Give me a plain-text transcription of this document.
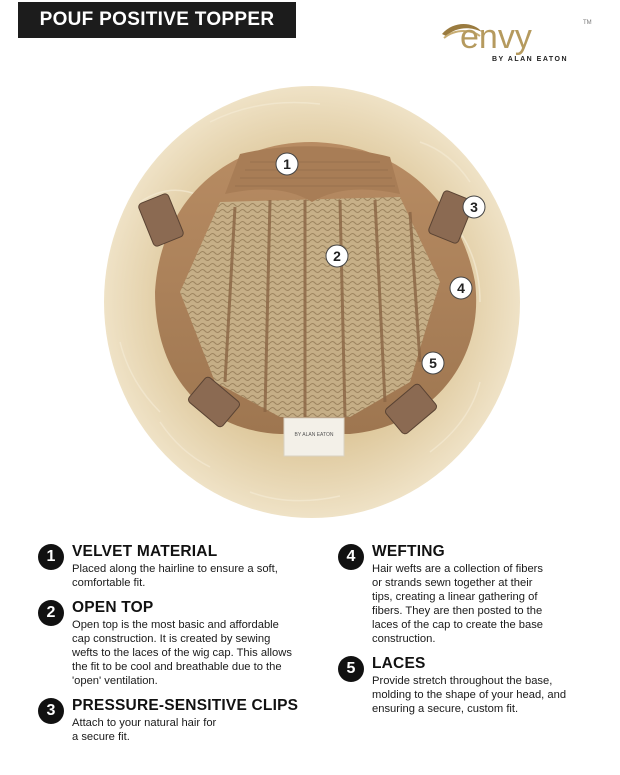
POUF POSITIVE TOPPER	envy	TM
BY ALAN EATON
BY ALAN EATON
1
2
3
4
5
1	VELVET MATERIAL
Placed along the hairline to ensure a soft,
comfortable fit.
2	OPEN TOP
Open top is the most basic and affordable
cap construction. It is created by sewing
wefts to the laces of the wig cap. This allows
the fit to be cool and breathable due to the
'open' ventilation.
3	PRESSURE-SENSITIVE CLIPS
Attach to your natural hair for
a secure fit.
4	WEFTING
Hair wefts are a collection of fibers
or strands sewn together at their
tips, creating a linear gathering of
fibers. They are then posted to the
laces of the cap to create the base
construction.
5	LACES
Provide stretch throughout the base,
molding to the shape of your head, and
ensuring a secure, custom fit.
